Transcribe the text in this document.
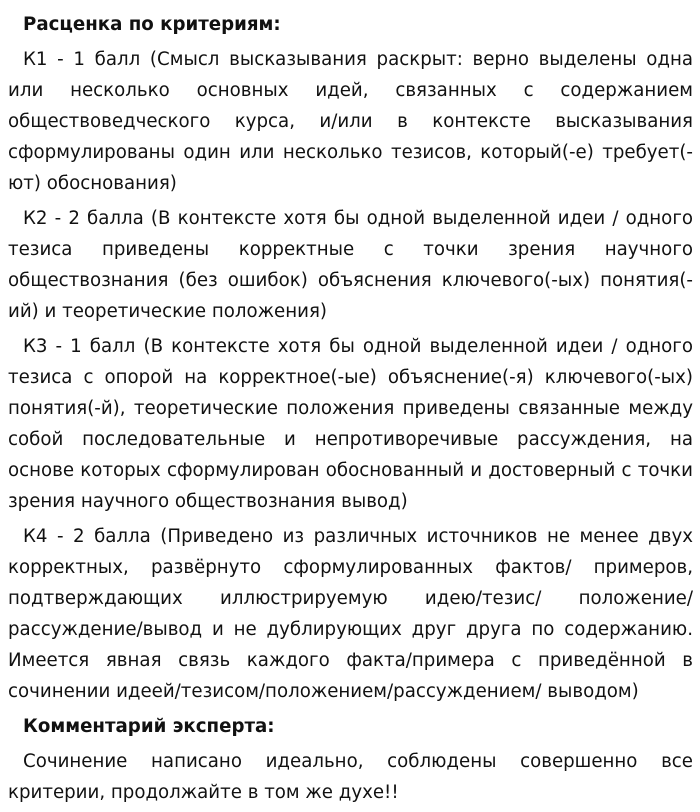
Расценка по критериям:

К1 - 1 балл (Смысл высказывания раскрыт: верно выделены одна или несколько основных идей, связанных с содержанием обществоведческого курса, и/или в контексте высказывания сформулированы один или несколько тезисов, который(-е) требует(-ют) обоснования)

К2 - 2 балла (В контексте хотя бы одной выделенной идеи / одного тезиса приведены корректные с точки зрения научного обществознания (без ошибок) объяснения ключевого(-ых) понятия(-ий) и теоретические положения)

К3 - 1 балл (В контексте хотя бы одной выделенной идеи / одного тезиса с опорой на корректное(-ые) объяснение(-я) ключевого(-ых) понятия(-й), теоретические положения приведены связанные между собой последовательные и непротиворечивые рассуждения, на основе которых сформулирован обоснованный и достоверный с точки зрения научного обществознания вывод)

К4 - 2 балла (Приведено из различных источников не менее двух корректных, развёрнуто сформулированных фактов/ примеров, подтверждающих иллюстрируемую идею/тезис/ положение/ рассуждение/вывод и не дублирующих друг друга по содержанию. Имеется явная связь каждого факта/примера с приведённой в сочинении идеей/тезисом/положением/рассуждением/ выводом)

Комментарий эксперта:

Сочинение написано идеально, соблюдены совершенно все критерии, продолжайте в том же духе!!
